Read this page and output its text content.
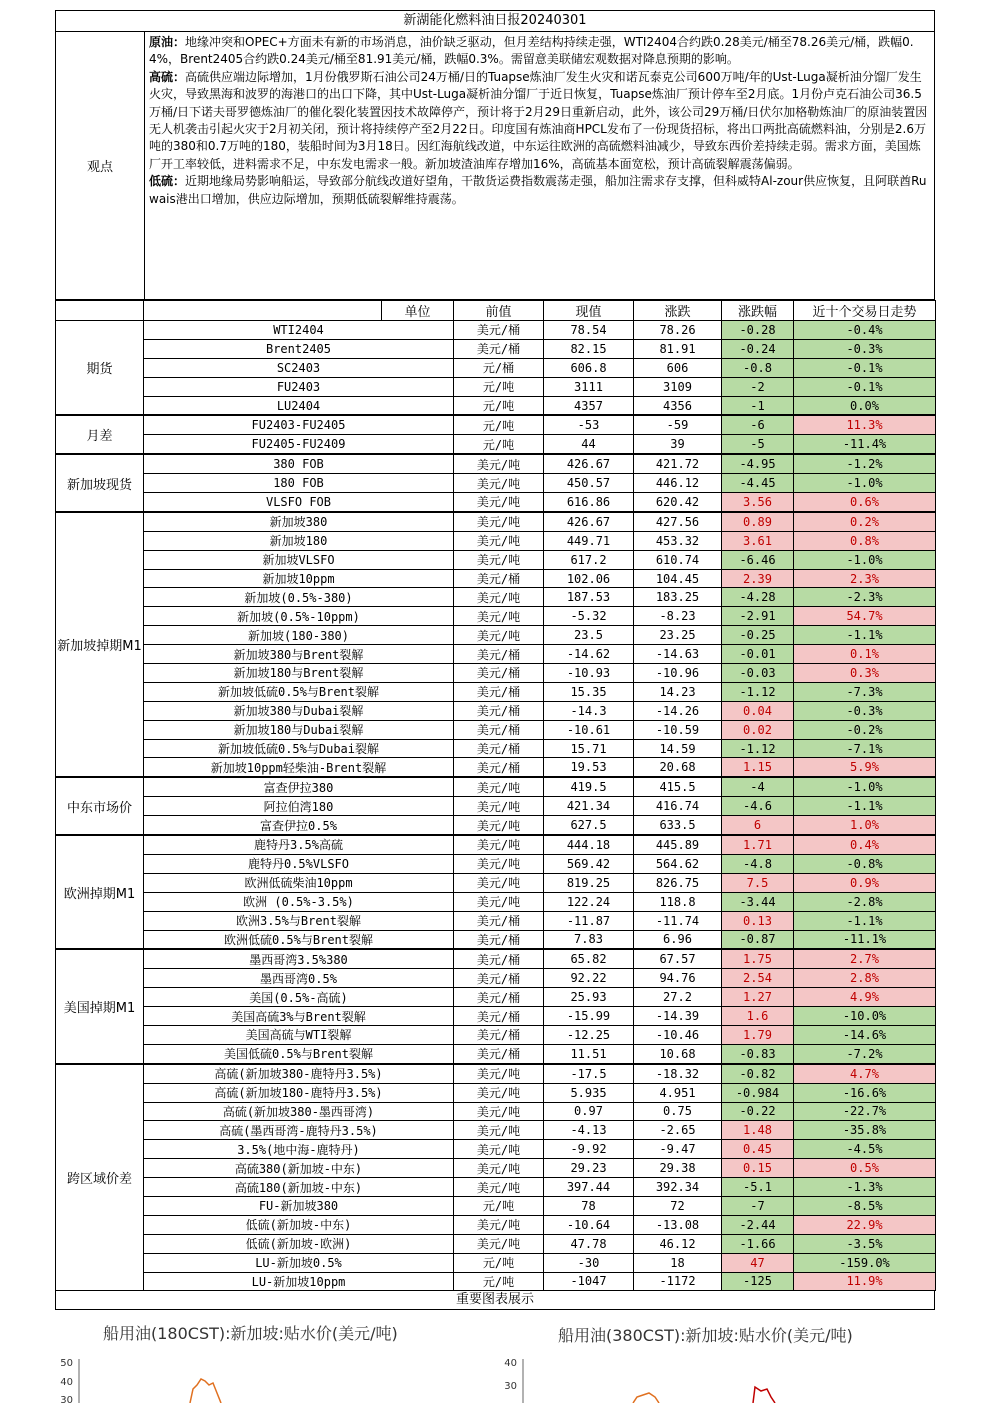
新湖能化燃料油日报20240301
观点

原油：地缘冲突和OPEC+方面未有新的市场消息，油价缺乏驱动，但月差结构持续走强，WTI2404合约跌0.28美元/桶至78.26美元/桶，跌幅0.4%，Brent2405合约跌0.24美元/桶至81.91美元/桶，跌幅0.3%。需留意美联储宏观数据对降息预期的影响。

高硫：高硫供应端边际增加，1月份俄罗斯石油公司24万桶/日的Tuapse炼油厂发生火灾和诺瓦泰克公司600万吨/年的Ust-Luga凝析油分馏厂发生火灾，导致黑海和波罗的海港口的出口下降，其中Ust-Luga凝析油分馏厂于近日恢复，Tuapse炼油厂预计停车至2月底。1月份卢克石油公司36.5万桶/日下诺夫哥罗德炼油厂的催化裂化装置因技术故障停产，预计将于2月29日重新启动，此外，该公司29万桶/日伏尔加格勒炼油厂的原油装置因无人机袭击引起火灾于2月初关闭，预计将持续停产至2月22日。印度国有炼油商HPCL发布了一份现货招标，将出口两批高硫燃料油，分别是2.6万吨的380和0.7万吨的180，装船时间为3月18日。因红海航线改道，中东运往欧洲的高硫燃料油减少，导致东西价差持续走弱。需求方面，美国炼厂开工率较低，进料需求不足，中东发电需求一般。新加坡渣油库存增加16%，高硫基本面宽松，预计高硫裂解震荡偏弱。

低硫：近期地缘局势影响船运，导致部分航线改道好望角，干散货运费指数震荡走强，船加注需求存支撑，但科威特Al-zour供应恢复，且阿联酋Ruwais港出口增加，供应边际增加，预期低硫裂解维持震荡。

		单位	前值	现值	涨跌	涨跌幅	近十个交易日走势	
期货	WTI2404		美元/桶	78.54	78.26	-0.28	-0.4%	

	Brent2405		美元/桶	82.15	81.91	-0.24	-0.3%	

	SC2403		元/桶	606.8	606	-0.8	-0.1%	

	FU2403		元/吨	3111	3109	-2	-0.1%	

	LU2404		元/吨	4357	4356	-1	0.0%	

月差	FU2403-FU2405		元/吨	-53	-59	-6	11.3%	

	FU2405-FU2409		元/吨	44	39	-5	-11.4%	

新加坡现货	380 FOB		美元/吨	426.67	421.72	-4.95	-1.2%	

	180 FOB		美元/吨	450.57	446.12	-4.45	-1.0%	

	VLSFO FOB		美元/吨	616.86	620.42	3.56	0.6%	

新加坡掉期M1	新加坡380		美元/吨	426.67	427.56	0.89	0.2%	

	新加坡180		美元/吨	449.71	453.32	3.61	0.8%	

	新加坡VLSFO		美元/吨	617.2	610.74	-6.46	-1.0%	

	新加坡10ppm		美元/桶	102.06	104.45	2.39	2.3%	

	新加坡(0.5%-380)		美元/吨	187.53	183.25	-4.28	-2.3%	

	新加坡(0.5%-10ppm)		美元/吨	-5.32	-8.23	-2.91	54.7%	

	新加坡(180-380)		美元/吨	23.5	23.25	-0.25	-1.1%	

	新加坡380与Brent裂解		美元/桶	-14.62	-14.63	-0.01	0.1%	

	新加坡180与Brent裂解		美元/桶	-10.93	-10.96	-0.03	0.3%	

	新加坡低硫0.5%与Brent裂解		美元/桶	15.35	14.23	-1.12	-7.3%	

	新加坡380与Dubai裂解		美元/桶	-14.3	-14.26	0.04	-0.3%	

	新加坡180与Dubai裂解		美元/桶	-10.61	-10.59	0.02	-0.2%	

	新加坡低硫0.5%与Dubai裂解		美元/桶	15.71	14.59	-1.12	-7.1%	

	新加坡10ppm轻柴油-Brent裂解		美元/桶	19.53	20.68	1.15	5.9%	

中东市场价	富查伊拉380		美元/吨	419.5	415.5	-4	-1.0%	

	阿拉伯湾180		美元/吨	421.34	416.74	-4.6	-1.1%	

	富查伊拉0.5%		美元/吨	627.5	633.5	6	1.0%	

欧洲掉期M1	鹿特丹3.5%高硫		美元/吨	444.18	445.89	1.71	0.4%	

	鹿特丹0.5%VLSFO		美元/吨	569.42	564.62	-4.8	-0.8%	

	欧洲低硫柴油10ppm		美元/吨	819.25	826.75	7.5	0.9%	

	欧洲 (0.5%-3.5%)		美元/吨	122.24	118.8	-3.44	-2.8%	

	欧洲3.5%与Brent裂解		美元/桶	-11.87	-11.74	0.13	-1.1%	

	欧洲低硫0.5%与Brent裂解		美元/桶	7.83	6.96	-0.87	-11.1%	

美国掉期M1	墨西哥湾3.5%380		美元/桶	65.82	67.57	1.75	2.7%	

	墨西哥湾0.5%		美元/桶	92.22	94.76	2.54	2.8%	

	美国(0.5%-高硫)		美元/桶	25.93	27.2	1.27	4.9%	

	美国高硫3%与Brent裂解		美元/桶	-15.99	-14.39	1.6	-10.0%	

	美国高硫与WTI裂解		美元/桶	-12.25	-10.46	1.79	-14.6%	

	美国低硫0.5%与Brent裂解		美元/桶	11.51	10.68	-0.83	-7.2%	

跨区域价差	高硫(新加坡380-鹿特丹3.5%)		美元/吨	-17.5	-18.32	-0.82	4.7%	

	高硫(新加坡180-鹿特丹3.5%)		美元/吨	5.935	4.951	-0.984	-16.6%	

	高硫(新加坡380-墨西哥湾)		美元/吨	0.97	0.75	-0.22	-22.7%	

	高硫(墨西哥湾-鹿特丹3.5%)		美元/吨	-4.13	-2.65	1.48	-35.8%	

	3.5%(地中海-鹿特丹)		美元/吨	-9.92	-9.47	0.45	-4.5%	

	高硫380(新加坡-中东)		美元/吨	29.23	29.38	0.15	0.5%	

	高硫180(新加坡-中东)		美元/吨	397.44	392.34	-5.1	-1.3%	

	FU-新加坡380		元/吨	78	72	-7	-8.5%	

	低硫(新加坡-中东)		美元/吨	-10.64	-13.08	-2.44	22.9%	

	低硫(新加坡-欧洲)		美元/吨	47.78	46.12	-1.66	-3.5%	

	LU-新加坡0.5%		元/吨	-30	18	47	-159.0%	

	LU-新加坡10ppm		元/吨	-1047	-1172	-125	11.9%	
重要图表展示
船用油(180CST):新加坡:贴水价(美元/吨)
50
40
30
船用油(380CST):新加坡:贴水价(美元/吨)
40
30
